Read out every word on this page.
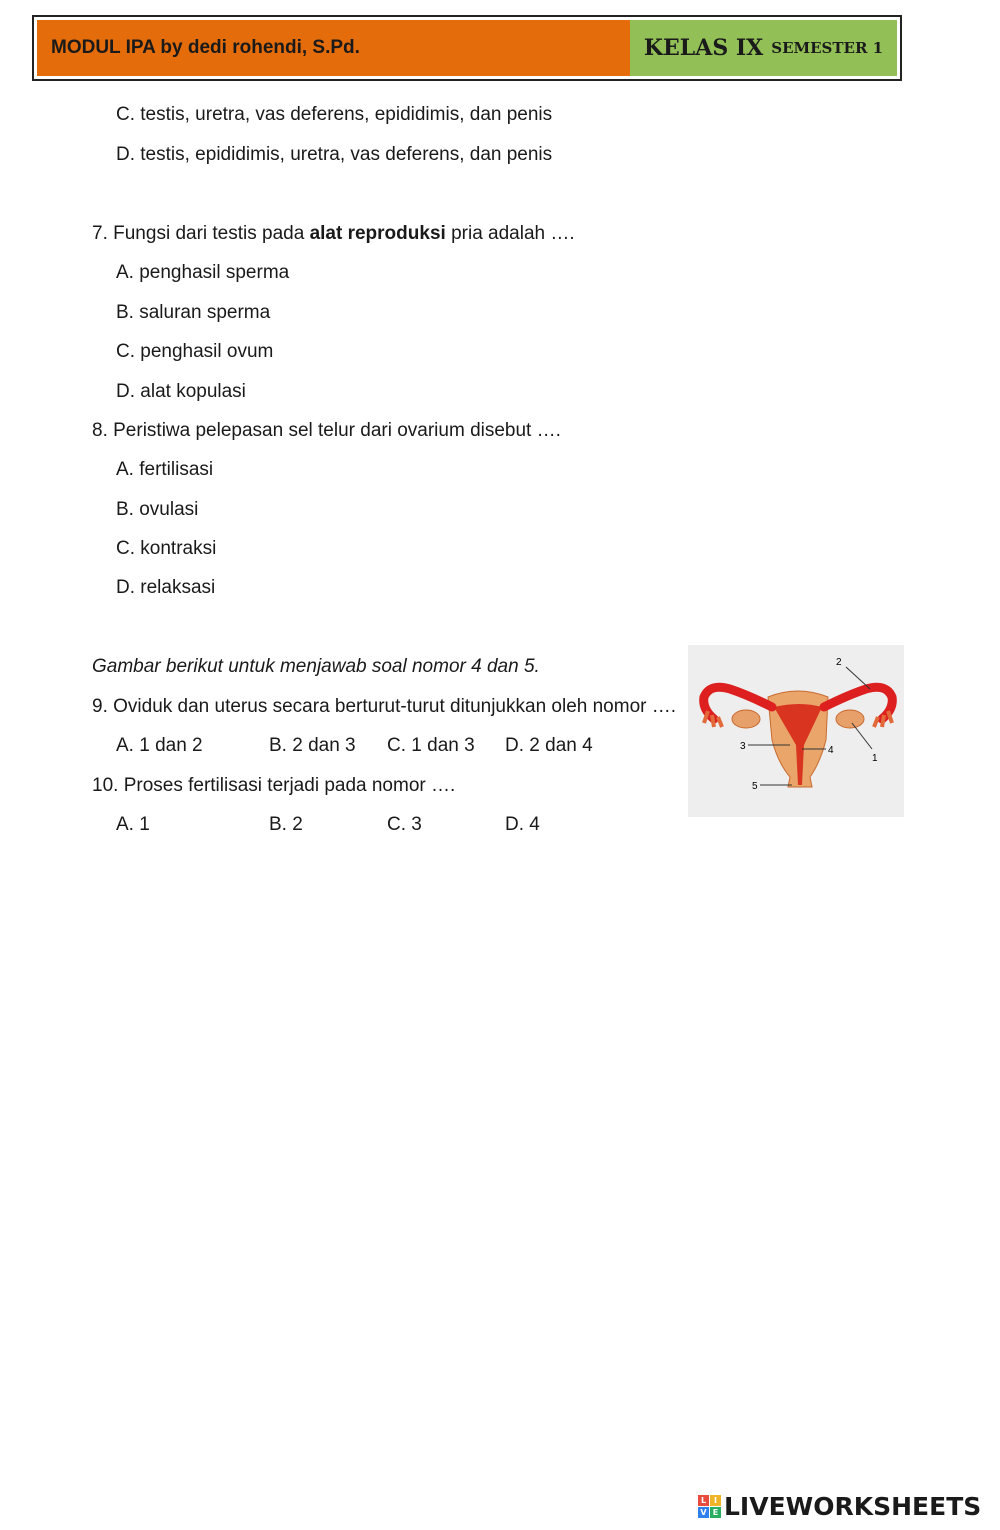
MODUL IPA by dedi rohendi, S.Pd.	KELAS IX SEMESTER 1
C. testis, uretra, vas deferens, epididimis, dan penis
D. testis, epididimis, uretra, vas deferens, dan penis
7. Fungsi dari testis pada alat reproduksi pria adalah ….
A. penghasil sperma
B. saluran sperma
C. penghasil ovum
D. alat kopulasi
8. Peristiwa pelepasan sel telur dari ovarium disebut ….
A. fertilisasi
B. ovulasi
C. kontraksi
D. relaksasi
Gambar berikut untuk menjawab soal nomor 4 dan 5.
9. Oviduk dan uterus secara berturut-turut ditunjukkan oleh nomor ….
A. 1 dan 2	B. 2 dan 3 C. 1 dan 3 D. 2 dan 4
10. Proses fertilisasi terjadi pada nomor ….
A. 1	B. 2	C. 3	D. 4
1
2
3	4
5
L I
V E LIVEWORKSHEETS
